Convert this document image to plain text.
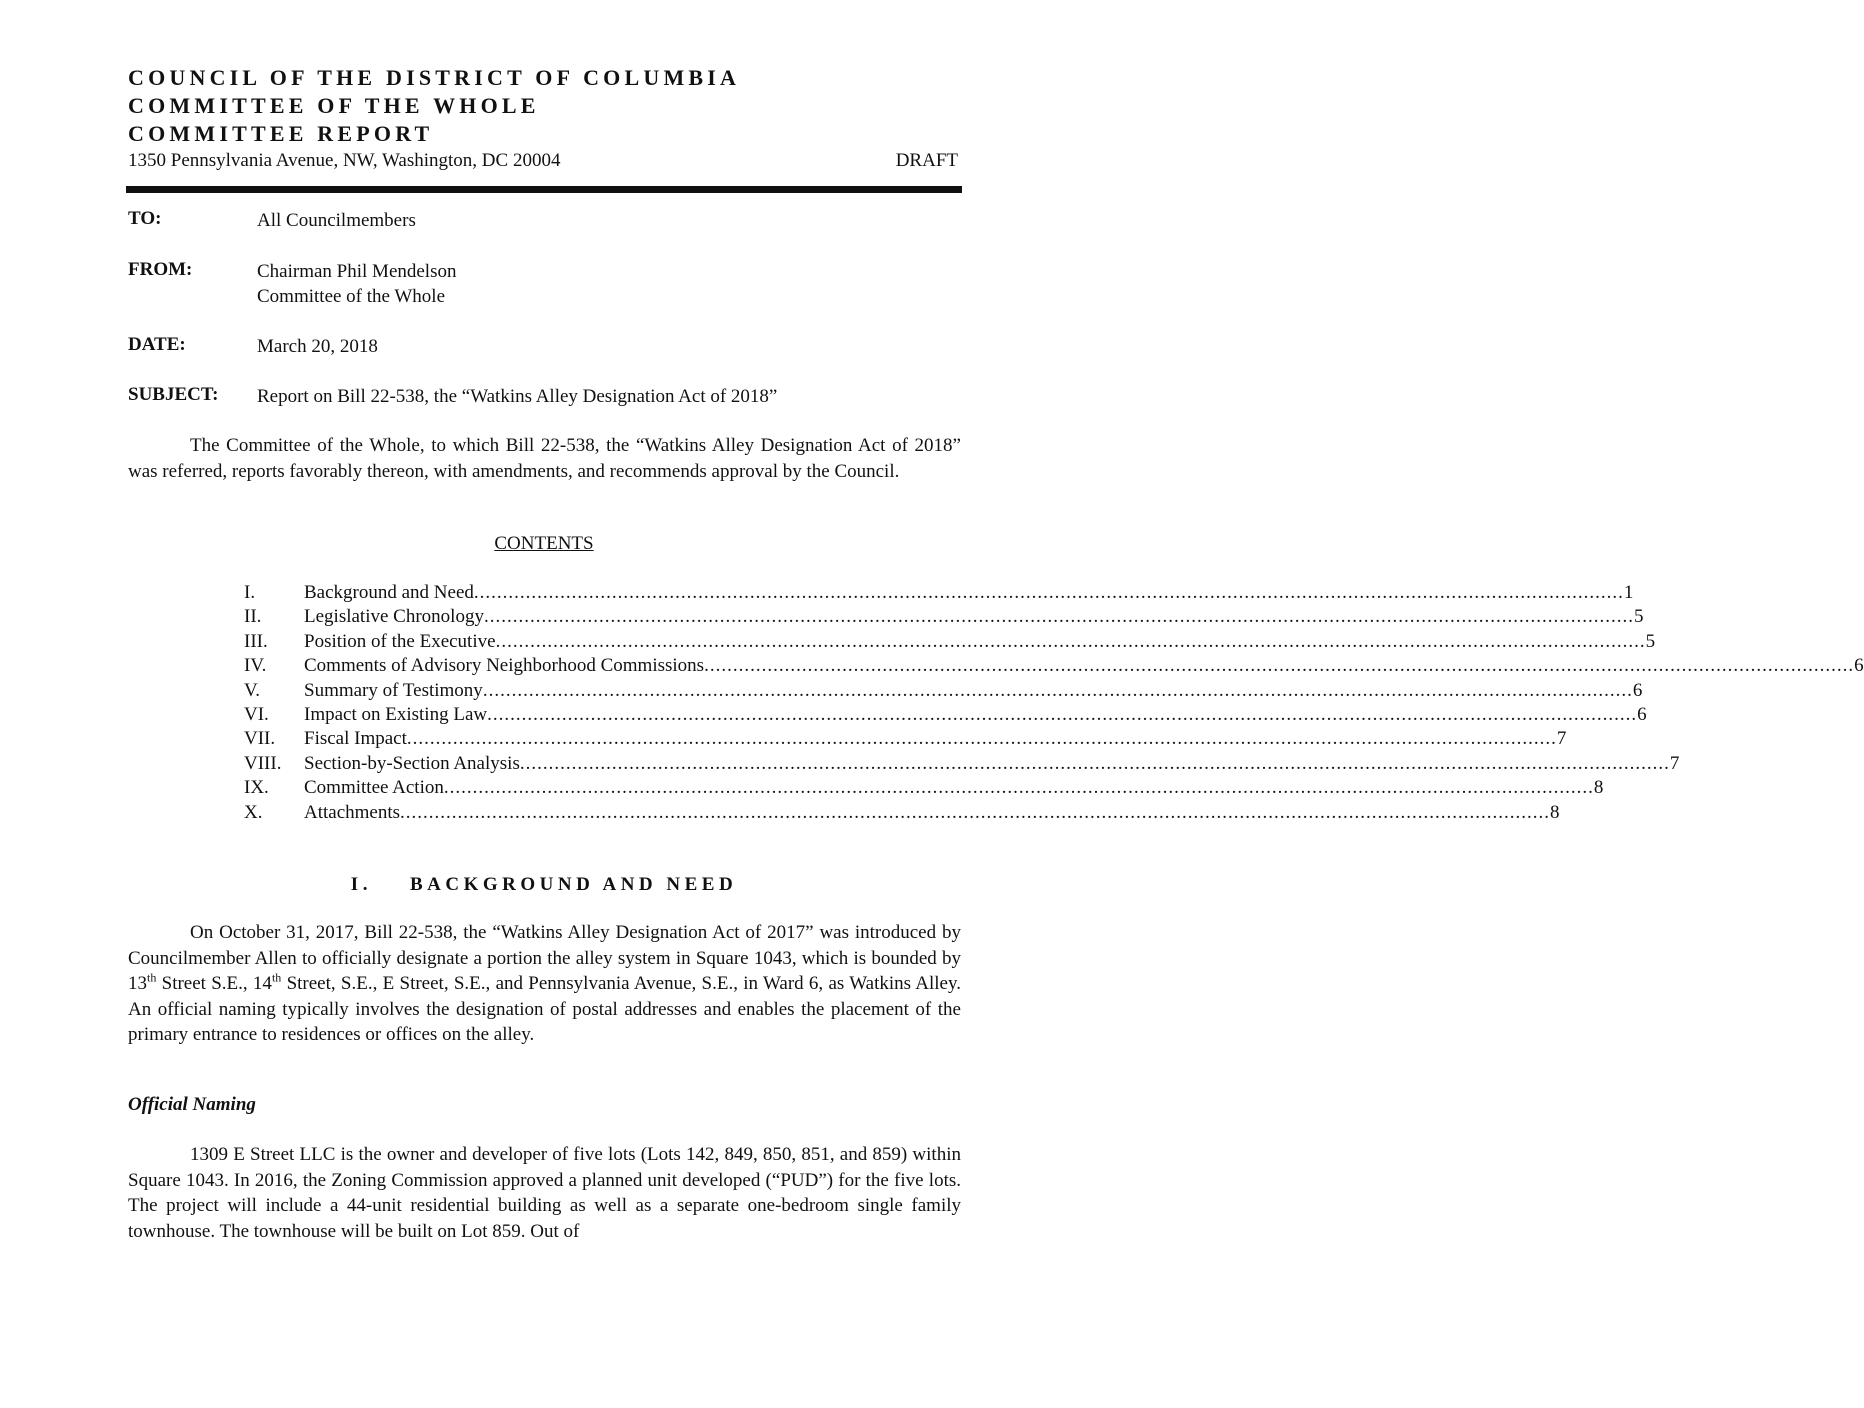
COUNCIL OF THE DISTRICT OF COLUMBIA
COMMITTEE OF THE WHOLE
COMMITTEE REPORT
1350 Pennsylvania Avenue, NW, Washington, DC 20004	DRAFT
TO:	All Councilmembers
FROM:	Chairman Phil Mendelson
Committee of the Whole
DATE:	March 20, 2018
SUBJECT: Report on Bill 22-538, the “Watkins Alley Designation Act of 2018”

The Committee of the Whole, to which Bill 22-538, the “Watkins Alley Designation Act of 2018” was referred, reports favorably thereon, with amendments, and recommends approval by the Council.

CONTENTS
I.	Background and Need ........................................................................................................................................................................................................ 1
II.	Legislative Chronology ........................................................................................................................................................................................................ 5
III.	Position of the Executive ........................................................................................................................................................................................................ 5
IV.	Comments of Advisory Neighborhood Commissions ........................................................................................................................................................................................................ 6
V.	Summary of Testimony ........................................................................................................................................................................................................ 6
VI.	Impact on Existing Law ........................................................................................................................................................................................................ 6
VII.	Fiscal Impact ........................................................................................................................................................................................................ 7
VIII.	Section-by-Section Analysis ........................................................................................................................................................................................................ 7
IX.	Committee Action ........................................................................................................................................................................................................ 8
X.	Attachments ........................................................................................................................................................................................................ 8
I. BACKGROUND AND NEED

On October 31, 2017, Bill 22-538, the “Watkins Alley Designation Act of 2017” was introduced by Councilmember Allen to officially designate a portion the alley system in Square 1043, which is bounded by 13th Street S.E., 14th Street, S.E., E Street, S.E., and Pennsylvania Avenue, S.E., in Ward 6, as Watkins Alley. An official naming typically involves the designation of postal addresses and enables the placement of the primary entrance to residences or offices on the alley.

Official Naming

1309 E Street LLC is the owner and developer of five lots (Lots 142, 849, 850, 851, and 859) within Square 1043. In 2016, the Zoning Commission approved a planned unit developed (“PUD”) for the five lots. The project will include a 44-unit residential building as well as a separate one-bedroom single family townhouse. The townhouse will be built on Lot 859. Out of
